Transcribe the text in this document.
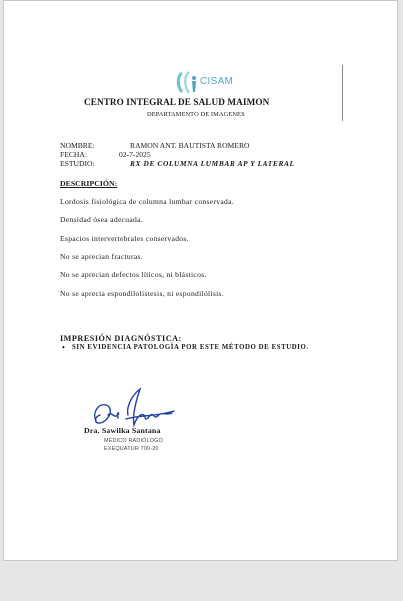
CISAM
CENTRO INTEGRAL DE SALUD MAIMON
DEPARTAMENTO DE IMAGENES
NOMBRE:	RAMON ANT. BAUTISTA ROMERO
FECHA:	02-7-2025
ESTUDIO:	RX DE COLUMNA LUMBAR AP Y LATERAL
DESCRIPCIÓN:
Lordosis fisiológica de columna lumbar conservada.
Densidad ósea adecuada.
Espacios intervertebrales conservados.
No se aprecian fracturas.
No se aprecian defectos líticos, ni blásticos.
No se aprecia espondilolistesis, ni espondilólisis.
IMPRESIÓN DIAGNÓSTICA:
• SIN EVIDENCIA PATOLOGÍA POR ESTE MÉTODO DE ESTUDIO.
Dra. Sawilka Santana
MÉDICO RADIÓLOGO
EXEQUATUR 700-20
